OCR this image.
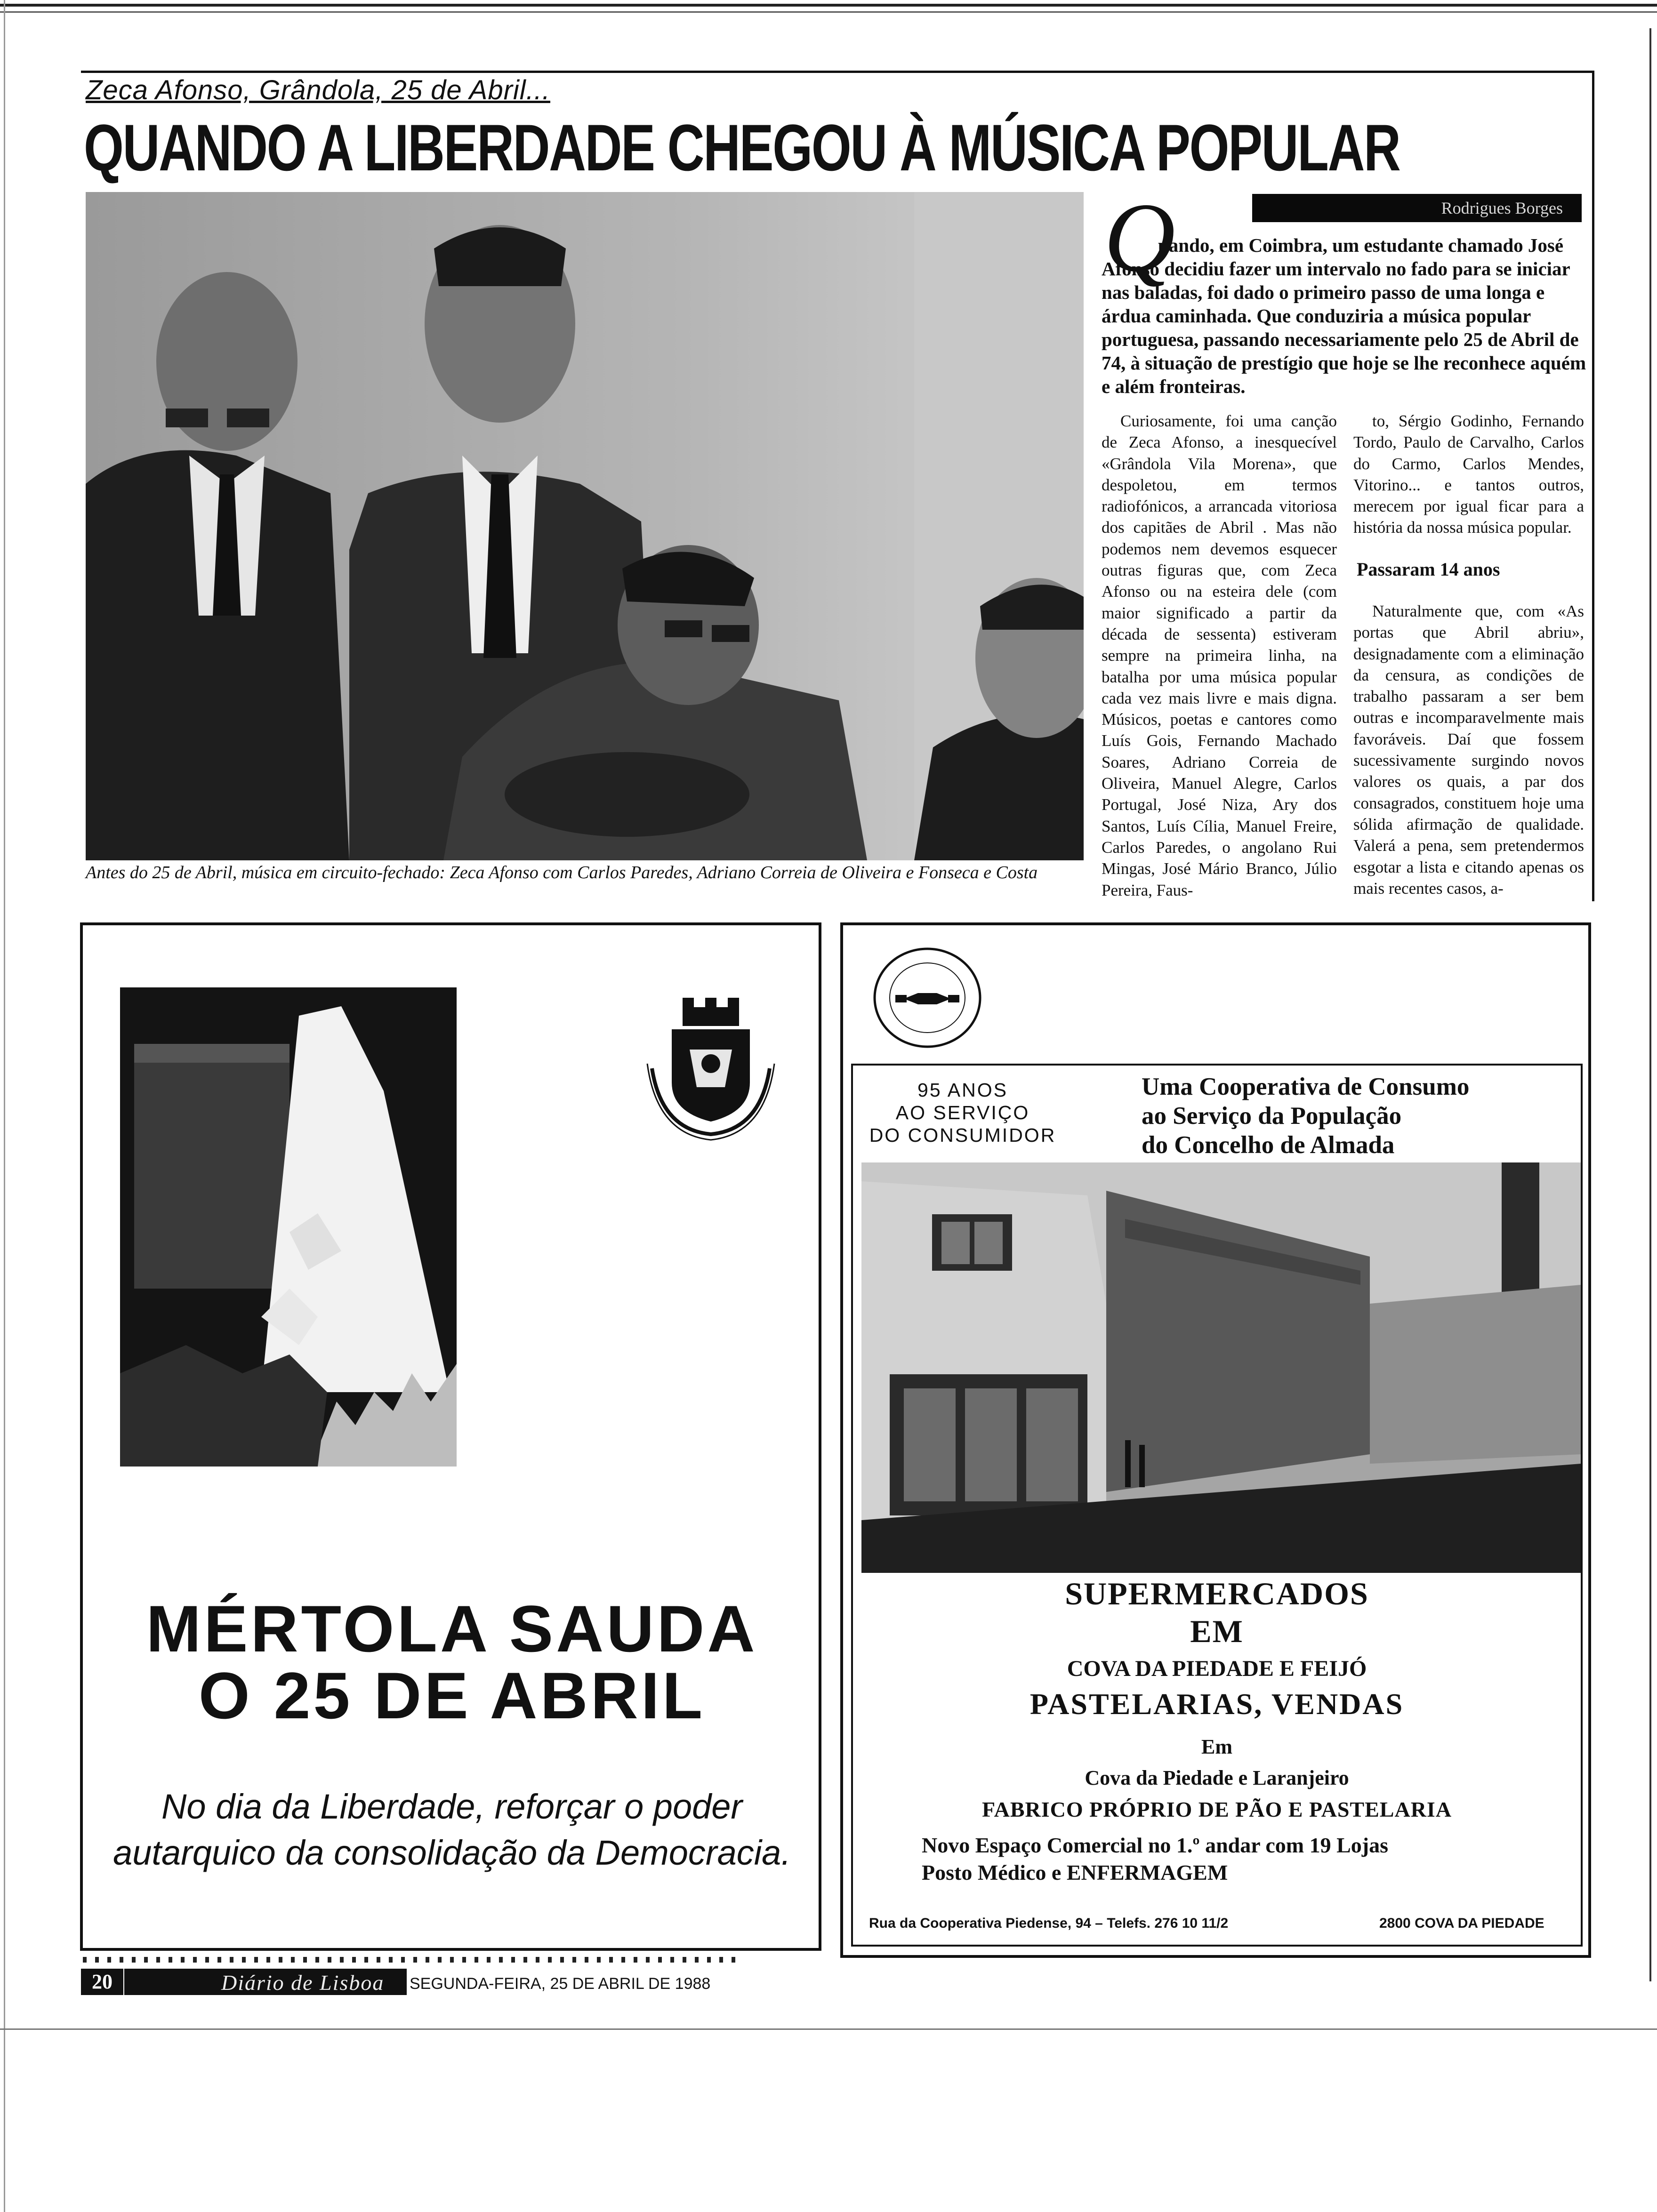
Zeca Afonso, Grândola, 25 de Abril...
QUANDO A LIBERDADE CHEGOU À MÚSICA POPULAR
Antes do 25 de Abril, música em circuito-fechado: Zeca Afonso com Carlos Paredes, Adriano Correia de Oliveira e Fonseca e Costa
Rodrigues Borges
Q
uando, em Coimbra, um estudante chamado José Afonso decidiu fazer um intervalo no fado para se iniciar nas baladas, foi dado o primeiro passo de uma longa e árdua caminhada. Que conduziria a música popular portuguesa, passando necessariamente pelo 25 de Abril de 74, à situação de prestígio que hoje se lhe reconhece aquém e além fronteiras.
Curiosamente, foi uma canção de Zeca Afonso, a inesquecível «Grândola Vila Morena», que despoletou, em termos radiofónicos, a arrancada vitoriosa dos capitães de Abril . Mas não podemos nem devemos esquecer outras figuras que, com Zeca Afonso ou na esteira dele (com maior significado a partir da década de sessenta) estiveram sempre na primeira linha, na batalha por uma música popular cada vez mais livre e mais digna. Músicos, poetas e cantores como Luís Gois, Fernando Machado Soares, Adriano Correia de Oliveira, Manuel Alegre, Carlos Portugal, José Niza, Ary dos Santos, Luís Cília, Manuel Freire, Carlos Paredes, o angolano Rui Mingas, José Mário Branco, Júlio Pereira, Faus-
to, Sérgio Godinho, Fernando Tordo, Paulo de Carvalho, Carlos do Carmo, Carlos Mendes, Vitorino... e tantos outros, merecem por igual ficar para a história da nossa música popular.
Passaram 14 anos
Naturalmente que, com «As portas que Abril abriu», designadamente com a eliminação da censura, as condições de trabalho passaram a ser bem outras e incomparavelmente mais favoráveis. Daí que fossem sucessivamente surgindo novos valores os quais, a par dos consagrados, constituem hoje uma sólida afirmação de qualidade. Valerá a pena, sem pretendermos esgotar a lista e citando apenas os mais recentes casos, a-
MÉRTOLA SAUDA
O 25 DE ABRIL
No dia da Liberdade, reforçar o poder autarquico da consolidação da Democracia.
95 ANOS
AO SERVIÇO
DO CONSUMIDOR
Uma Cooperativa de Consumo
ao Serviço da População
do Concelho de Almada
SUPERMERCADOS
EM
COVA DA PIEDADE E FEIJÓ
PASTELARIAS, VENDAS
Em
Cova da Piedade e Laranjeiro
FABRICO PRÓPRIO DE PÃO E PASTELARIA
Novo Espaço Comercial no 1.º andar com 19 Lojas
Posto Médico e ENFERMAGEM
Rua da Cooperativa Piedense, 94 – Telefs. 276 10 11/2	2800 COVA DA PIEDADE
20	Diário de Lisboa SEGUNDA-FEIRA, 25 DE ABRIL DE 1988
